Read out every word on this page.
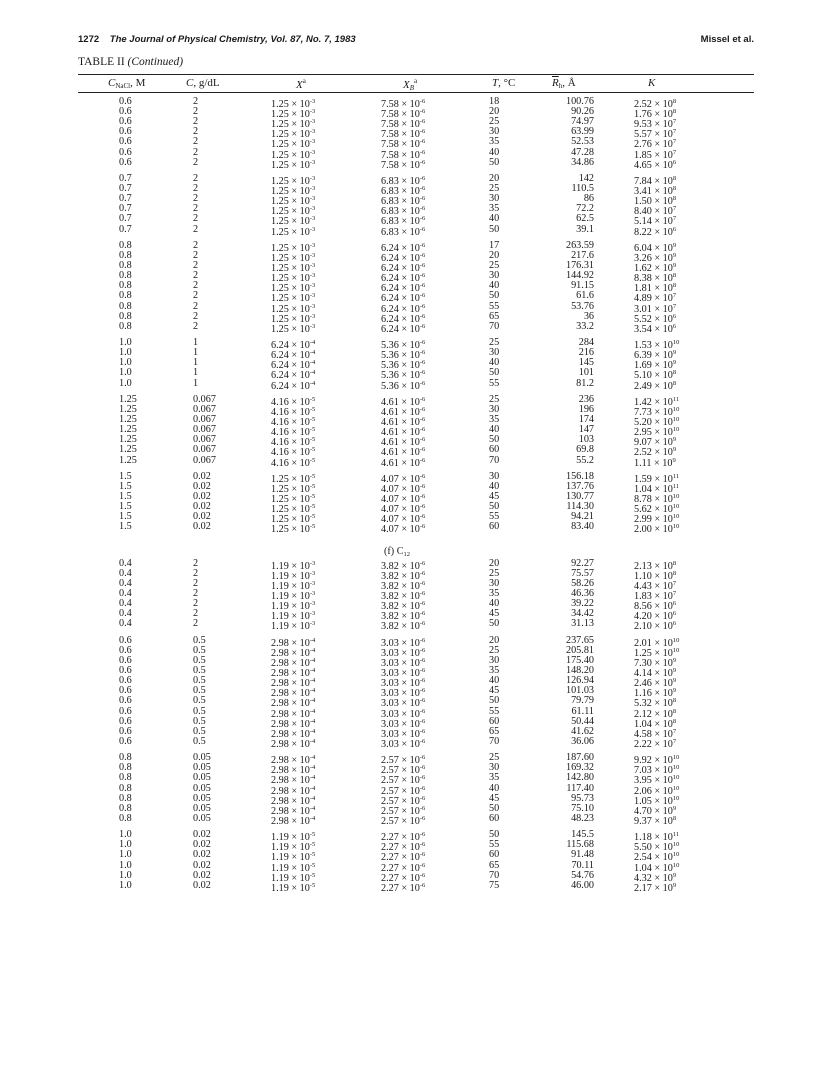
1272 The Journal of Physical Chemistry, Vol. 87, No. 7, 1983	Missel et al.
TABLE II (Continued)
$C_{NaCl}$, M	C, g/dL	$X^a$	$X_B^a$	T, °C	$\overline{R}_h$, Å	K
0.6	2	$1.25 \times 10^{-3}$	$7.58 \times 10^{-6}$	18	100.76	$2.52 \times 10^8$
0.6	2	$1.25 \times 10^{-3}$	$7.58 \times 10^{-6}$	20	90.26	$1.76 \times 10^8$
0.6	2	$1.25 \times 10^{-3}$	$7.58 \times 10^{-6}$	25	74.97	$9.53 \times 10^7$
0.6	2	$1.25 \times 10^{-3}$	$7.58 \times 10^{-6}$	30	63.99	$5.57 \times 10^7$
0.6	2	$1.25 \times 10^{-3}$	$7.58 \times 10^{-6}$	35	52.53	$2.76 \times 10^7$
0.6	2	$1.25 \times 10^{-3}$	$7.58 \times 10^{-6}$	40	47.28	$1.85 \times 10^7$
0.6	2	$1.25 \times 10^{-3}$	$7.58 \times 10^{-6}$	50	34.86	$4.65 \times 10^6$
0.7	2	$1.25 \times 10^{-3}$	$6.83 \times 10^{-6}$	20	142	$7.84 \times 10^8$
0.7	2	$1.25 \times 10^{-3}$	$6.83 \times 10^{-6}$	25	110.5	$3.41 \times 10^8$
0.7	2	$1.25 \times 10^{-3}$	$6.83 \times 10^{-6}$	30	86	$1.50 \times 10^8$
0.7	2	$1.25 \times 10^{-3}$	$6.83 \times 10^{-6}$	35	72.2	$8.40 \times 10^7$
0.7	2	$1.25 \times 10^{-3}$	$6.83 \times 10^{-6}$	40	62.5	$5.14 \times 10^7$
0.7	2	$1.25 \times 10^{-3}$	$6.83 \times 10^{-6}$	50	39.1	$8.22 \times 10^6$
0.8	2	$1.25 \times 10^{-3}$	$6.24 \times 10^{-6}$	17	263.59	$6.04 \times 10^9$
0.8	2	$1.25 \times 10^{-3}$	$6.24 \times 10^{-6}$	20	217.6	$3.26 \times 10^9$
0.8	2	$1.25 \times 10^{-3}$	$6.24 \times 10^{-6}$	25	176.31	$1.62 \times 10^9$
0.8	2	$1.25 \times 10^{-3}$	$6.24 \times 10^{-6}$	30	144.92	$8.38 \times 10^8$
0.8	2	$1.25 \times 10^{-3}$	$6.24 \times 10^{-6}$	40	91.15	$1.81 \times 10^8$
0.8	2	$1.25 \times 10^{-3}$	$6.24 \times 10^{-6}$	50	61.6	$4.89 \times 10^7$
0.8	2	$1.25 \times 10^{-3}$	$6.24 \times 10^{-6}$	55	53.76	$3.01 \times 10^7$
0.8	2	$1.25 \times 10^{-3}$	$6.24 \times 10^{-6}$	65	36	$5.52 \times 10^6$
0.8	2	$1.25 \times 10^{-3}$	$6.24 \times 10^{-6}$	70	33.2	$3.54 \times 10^6$
1.0	1	$6.24 \times 10^{-4}$	$5.36 \times 10^{-6}$	25	284	$1.53 \times 10^{10}$
1.0	1	$6.24 \times 10^{-4}$	$5.36 \times 10^{-6}$	30	216	$6.39 \times 10^9$
1.0	1	$6.24 \times 10^{-4}$	$5.36 \times 10^{-6}$	40	145	$1.69 \times 10^9$
1.0	1	$6.24 \times 10^{-4}$	$5.36 \times 10^{-6}$	50	101	$5.10 \times 10^8$
1.0	1	$6.24 \times 10^{-4}$	$5.36 \times 10^{-6}$	55	81.2	$2.49 \times 10^8$
1.25	0.067	$4.16 \times 10^{-5}$	$4.61 \times 10^{-6}$	25	236	$1.42 \times 10^{11}$
1.25	0.067	$4.16 \times 10^{-5}$	$4.61 \times 10^{-6}$	30	196	$7.73 \times 10^{10}$
1.25	0.067	$4.16 \times 10^{-5}$	$4.61 \times 10^{-6}$	35	174	$5.20 \times 10^{10}$
1.25	0.067	$4.16 \times 10^{-5}$	$4.61 \times 10^{-6}$	40	147	$2.95 \times 10^{10}$
1.25	0.067	$4.16 \times 10^{-5}$	$4.61 \times 10^{-6}$	50	103	$9.07 \times 10^9$
1.25	0.067	$4.16 \times 10^{-5}$	$4.61 \times 10^{-6}$	60	69.8	$2.52 \times 10^9$
1.25	0.067	$4.16 \times 10^{-5}$	$4.61 \times 10^{-6}$	70	55.2	$1.11 \times 10^9$
1.5	0.02	$1.25 \times 10^{-5}$	$4.07 \times 10^{-6}$	30	156.18	$1.59 \times 10^{11}$
1.5	0.02	$1.25 \times 10^{-5}$	$4.07 \times 10^{-6}$	40	137.76	$1.04 \times 10^{11}$
1.5	0.02	$1.25 \times 10^{-5}$	$4.07 \times 10^{-6}$	45	130.77	$8.78 \times 10^{10}$
1.5	0.02	$1.25 \times 10^{-5}$	$4.07 \times 10^{-6}$	50	114.30	$5.62 \times 10^{10}$
1.5	0.02	$1.25 \times 10^{-5}$	$4.07 \times 10^{-6}$	55	94.21	$2.99 \times 10^{10}$
1.5	0.02	$1.25 \times 10^{-5}$	$4.07 \times 10^{-6}$	60	83.40	$2.00 \times 10^{10}$
(f) $C_{12}$
0.4	2	$1.19 \times 10^{-3}$	$3.82 \times 10^{-6}$	20	92.27	$2.13 \times 10^8$
0.4	2	$1.19 \times 10^{-3}$	$3.82 \times 10^{-6}$	25	75.57	$1.10 \times 10^8$
0.4	2	$1.19 \times 10^{-3}$	$3.82 \times 10^{-6}$	30	58.26	$4.43 \times 10^7$
0.4	2	$1.19 \times 10^{-3}$	$3.82 \times 10^{-6}$	35	46.36	$1.83 \times 10^7$
0.4	2	$1.19 \times 10^{-3}$	$3.82 \times 10^{-6}$	40	39.22	$8.56 \times 10^6$
0.4	2	$1.19 \times 10^{-3}$	$3.82 \times 10^{-6}$	45	34.42	$4.20 \times 10^6$
0.4	2	$1.19 \times 10^{-3}$	$3.82 \times 10^{-6}$	50	31.13	$2.10 \times 10^6$
0.6	0.5	$2.98 \times 10^{-4}$	$3.03 \times 10^{-6}$	20	237.65	$2.01 \times 10^{10}$
0.6	0.5	$2.98 \times 10^{-4}$	$3.03 \times 10^{-6}$	25	205.81	$1.25 \times 10^{10}$
0.6	0.5	$2.98 \times 10^{-4}$	$3.03 \times 10^{-6}$	30	175.40	$7.30 \times 10^9$
0.6	0.5	$2.98 \times 10^{-4}$	$3.03 \times 10^{-6}$	35	148.20	$4.14 \times 10^9$
0.6	0.5	$2.98 \times 10^{-4}$	$3.03 \times 10^{-6}$	40	126.94	$2.46 \times 10^9$
0.6	0.5	$2.98 \times 10^{-4}$	$3.03 \times 10^{-6}$	45	101.03	$1.16 \times 10^9$
0.6	0.5	$2.98 \times 10^{-4}$	$3.03 \times 10^{-6}$	50	79.79	$5.32 \times 10^8$
0.6	0.5	$2.98 \times 10^{-4}$	$3.03 \times 10^{-6}$	55	61.11	$2.12 \times 10^8$
0.6	0.5	$2.98 \times 10^{-4}$	$3.03 \times 10^{-6}$	60	50.44	$1.04 \times 10^8$
0.6	0.5	$2.98 \times 10^{-4}$	$3.03 \times 10^{-6}$	65	41.62	$4.58 \times 10^7$
0.6	0.5	$2.98 \times 10^{-4}$	$3.03 \times 10^{-6}$	70	36.06	$2.22 \times 10^7$
0.8	0.05	$2.98 \times 10^{-4}$	$2.57 \times 10^{-6}$	25	187.60	$9.92 \times 10^{10}$
0.8	0.05	$2.98 \times 10^{-4}$	$2.57 \times 10^{-6}$	30	169.32	$7.03 \times 10^{10}$
0.8	0.05	$2.98 \times 10^{-4}$	$2.57 \times 10^{-6}$	35	142.80	$3.95 \times 10^{10}$
0.8	0.05	$2.98 \times 10^{-4}$	$2.57 \times 10^{-6}$	40	117.40	$2.06 \times 10^{10}$
0.8	0.05	$2.98 \times 10^{-4}$	$2.57 \times 10^{-6}$	45	95.73	$1.05 \times 10^{10}$
0.8	0.05	$2.98 \times 10^{-4}$	$2.57 \times 10^{-6}$	50	75.10	$4.70 \times 10^9$
0.8	0.05	$2.98 \times 10^{-4}$	$2.57 \times 10^{-6}$	60	48.23	$9.37 \times 10^8$
1.0	0.02	$1.19 \times 10^{-5}$	$2.27 \times 10^{-6}$	50	145.5	$1.18 \times 10^{11}$
1.0	0.02	$1.19 \times 10^{-5}$	$2.27 \times 10^{-6}$	55	115.68	$5.50 \times 10^{10}$
1.0	0.02	$1.19 \times 10^{-5}$	$2.27 \times 10^{-6}$	60	91.48	$2.54 \times 10^{10}$
1.0	0.02	$1.19 \times 10^{-5}$	$2.27 \times 10^{-6}$	65	70.11	$1.04 \times 10^{10}$
1.0	0.02	$1.19 \times 10^{-5}$	$2.27 \times 10^{-6}$	70	54.76	$4.32 \times 10^9$
1.0	0.02	$1.19 \times 10^{-5}$	$2.27 \times 10^{-6}$	75	46.00	$2.17 \times 10^9$
